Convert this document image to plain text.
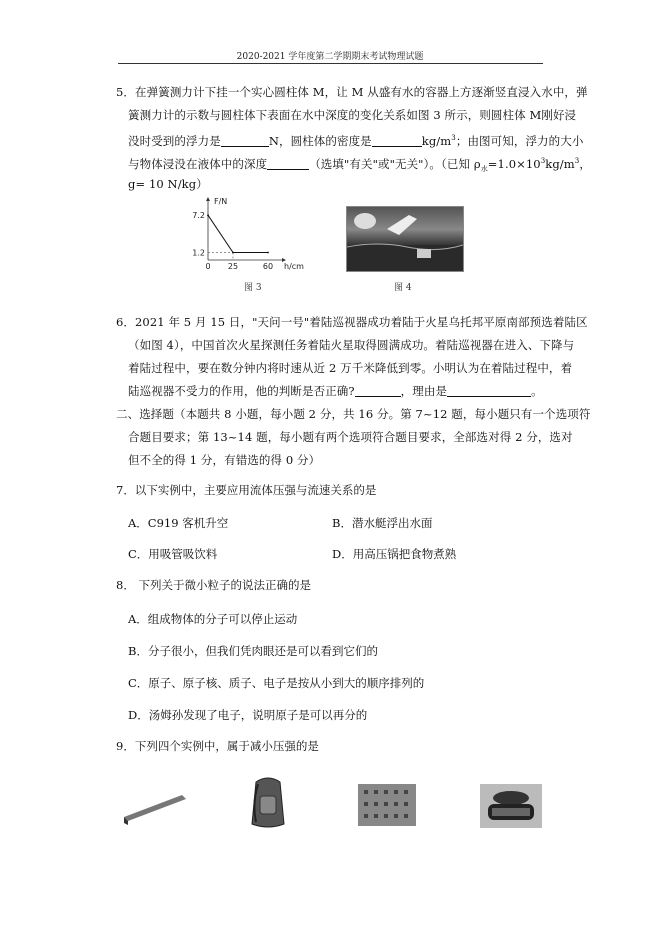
2020-2021 学年度第二学期期末考试物理试题
5．在弹簧测力计下挂一个实心圆柱体 M，让 M 从盛有水的容器上方逐渐竖直浸入水中，弹
簧测力计的示数与圆柱体下表面在水中深度的变化关系如图 3 所示，则圆柱体 M刚好浸
没时受到的浮力是	N，圆柱体的密度是	$kg/m^3$；由图可知，浮力的大小
与物体浸没在液体中的深度	（选填"有关"或"无关"）。（已知 $\rho_水=1.0\times 10^3kg/m^3$，
g= 10 N/kg）
0 25	60
1.2
7.2
F/N
h/cm
图 3	图 4
6．2021 年 5 月 15 日，"天问一号"着陆巡视器成功着陆于火星乌托邦平原南部预选着陆区
（如图 4），中国首次火星探测任务着陆火星取得圆满成功。着陆巡视器在进入、下降与
着陆过程中，要在数分钟内将时速从近 2 万千米降低到零。小明认为在着陆过程中，着
陆巡视器不受力的作用，他的判断是否正确?	，理由是	。
二、选择题（本题共 8 小题，每小题 2 分，共 16 分。第 7~12 题，每小题只有一个选项符
合题目要求；第 13~14 题，每小题有两个选项符合题目要求，全部选对得 2 分，选对
但不全的得 1 分，有错选的得 0 分）
7．以下实例中，主要应用流体压强与流速关系的是
A．C919 客机升空	B．潜水艇浮出水面
C．用吸管吸饮料	D．用高压锅把食物煮熟
8． 下列关于微小粒子的说法正确的是
A．组成物体的分子可以停止运动
B．分子很小，但我们凭肉眼还是可以看到它们的
C．原子、原子核、质子、电子是按从小到大的顺序排列的
D．汤姆孙发现了电子，说明原子是可以再分的
9．下列四个实例中，属于减小压强的是
